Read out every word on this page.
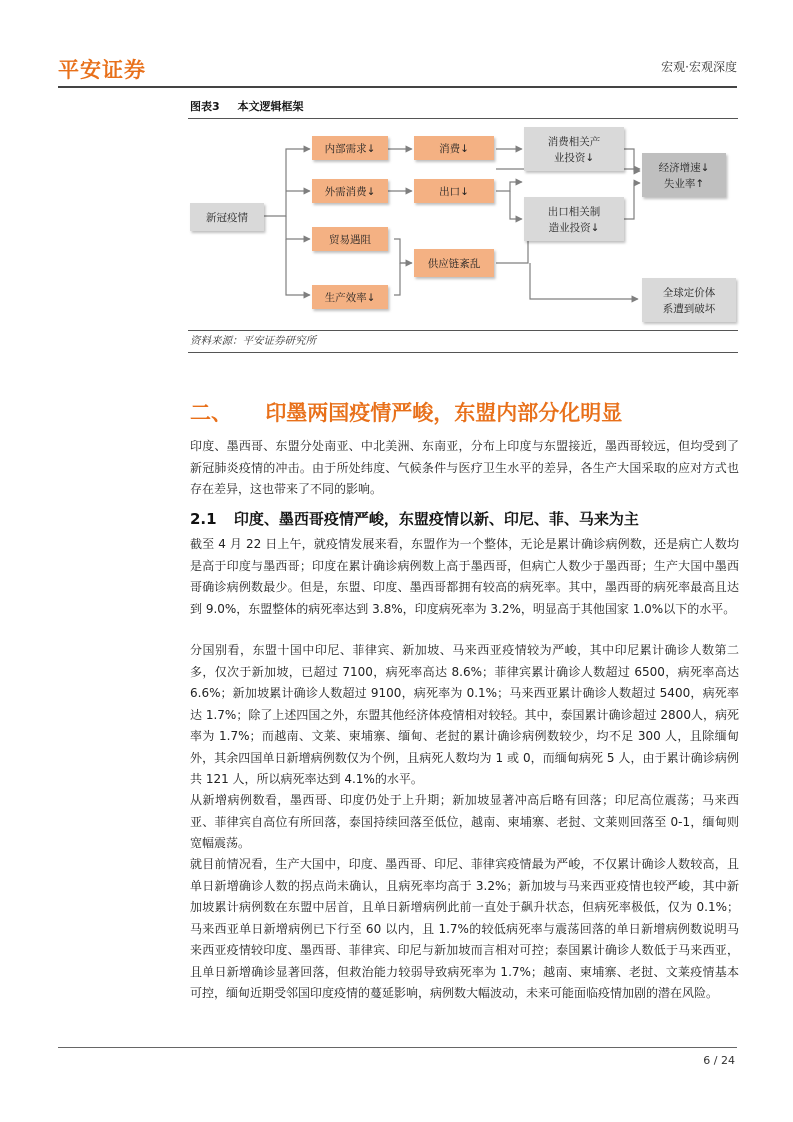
平安证券	宏观·宏观深度
图表3 本文逻辑框架
新冠疫情
内部需求↓
外需消费↓
贸易遇阻
生产效率↓
消费↓
出口↓
供应链紊乱
消费相关产
业投资↓
出口相关制
造业投资↓
经济增速↓
失业率↑
全球定价体
系遭到破坏
资料来源：平安证券研究所
二、 印墨两国疫情严峻，东盟内部分化明显

印度、墨西哥、东盟分处南亚、中北美洲、东南亚，分布上印度与东盟接近，墨西哥较远，但均受到了新冠肺炎疫情的冲击。由于所处纬度、气候条件与医疗卫生水平的差异，各生产大国采取的应对方式也存在差异，这也带来了不同的影响。

2.1 印度、墨西哥疫情严峻，东盟疫情以新、印尼、菲、马来为主

截至 4 月 22 日上午，就疫情发展来看，东盟作为一个整体，无论是累计确诊病例数，还是病亡人数均是高于印度与墨西哥；印度在累计确诊病例数上高于墨西哥，但病亡人数少于墨西哥；生产大国中墨西哥确诊病例数最少。但是，东盟、印度、墨西哥都拥有较高的病死率。其中，墨西哥的病死率最高且达到 9.0%，东盟整体的病死率达到 3.8%，印度病死率为 3.2%，明显高于其他国家 1.0%以下的水平。

分国别看，东盟十国中印尼、菲律宾、新加坡、马来西亚疫情较为严峻，其中印尼累计确诊人数第二多，仅次于新加坡，已超过 7100，病死率高达 8.6%；菲律宾累计确诊人数超过 6500，病死率高达 6.6%；新加坡累计确诊人数超过 9100，病死率为 0.1%；马来西亚累计确诊人数超过 5400，病死率达 1.7%；除了上述四国之外，东盟其他经济体疫情相对较轻。其中，泰国累计确诊超过 2800人，病死率为 1.7%；而越南、文莱、柬埔寨、缅甸、老挝的累计确诊病例数较少，均不足 300 人，且除缅甸外，其余四国单日新增病例数仅为个例，且病死人数均为 1 或 0，而缅甸病死 5 人，由于累计确诊病例共 121 人，所以病死率达到 4.1%的水平。

从新增病例数看，墨西哥、印度仍处于上升期；新加坡显著冲高后略有回落；印尼高位震荡；马来西亚、菲律宾自高位有所回落，泰国持续回落至低位，越南、柬埔寨、老挝、文莱则回落至 0-1，缅甸则宽幅震荡。

就目前情况看，生产大国中，印度、墨西哥、印尼、菲律宾疫情最为严峻，不仅累计确诊人数较高，且单日新增确诊人数的拐点尚未确认，且病死率均高于 3.2%；新加坡与马来西亚疫情也较严峻，其中新加坡累计病例数在东盟中居首，且单日新增病例此前一直处于飙升状态，但病死率极低，仅为 0.1%；马来西亚单日新增病例已下行至 60 以内，且 1.7%的较低病死率与震荡回落的单日新增病例数说明马来西亚疫情较印度、墨西哥、菲律宾、印尼与新加坡而言相对可控；泰国累计确诊人数低于马来西亚，且单日新增确诊显著回落，但救治能力较弱导致病死率为 1.7%；越南、柬埔寨、老挝、文莱疫情基本可控，缅甸近期受邻国印度疫情的蔓延影响，病例数大幅波动，未来可能面临疫情加剧的潜在风险。

6 / 24
